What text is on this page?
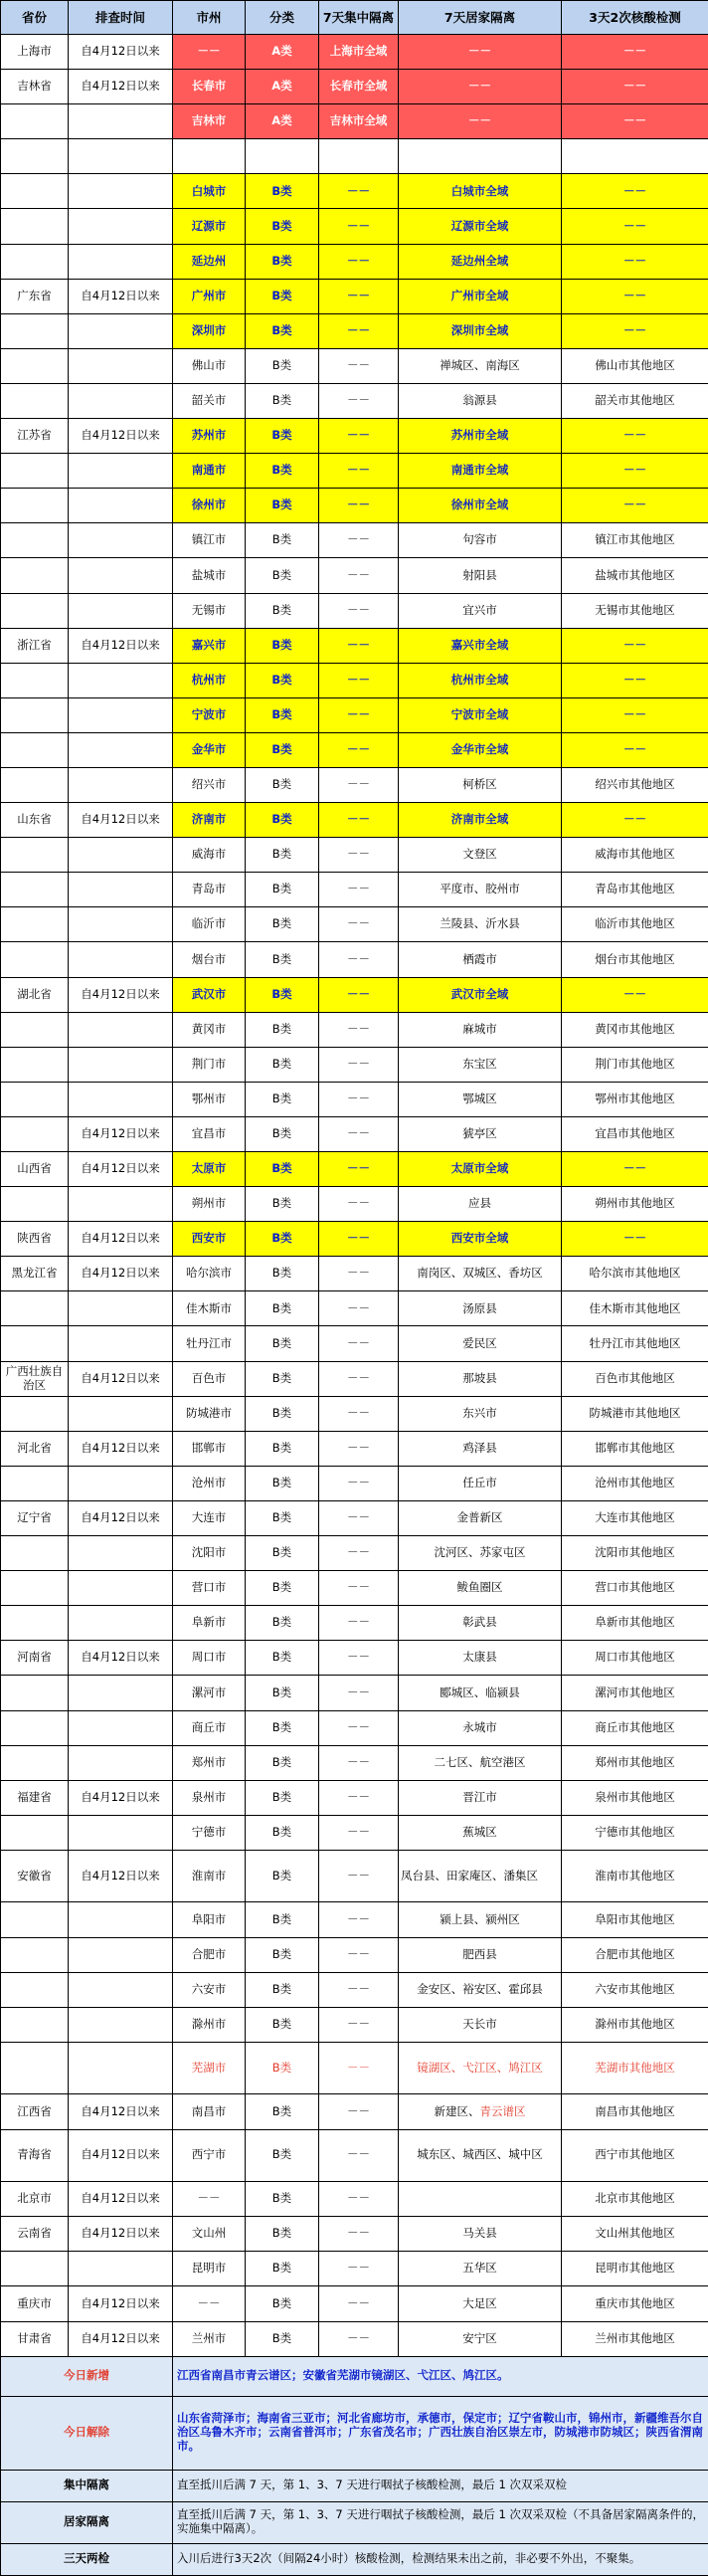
省份	排查时间	市州	分类	7天集中隔离	7天居家隔离	3天2次核酸检测
上海市	自4月12日以来	－－	A类	上海市全域	－－	－－
吉林省	自4月12日以来	长春市	A类	长春市全域	－－	－－
		吉林市	A类	吉林市全域	－－	－－

		白城市	B类	－－	白城市全域	－－
		辽源市	B类	－－	辽源市全域	－－
		延边州	B类	－－	延边州全域	－－
广东省	自4月12日以来	广州市	B类	－－	广州市全域	－－
		深圳市	B类	－－	深圳市全域	－－
		佛山市	B类	－－	禅城区、南海区	佛山市其他地区
		韶关市	B类	－－	翁源县	韶关市其他地区
江苏省	自4月12日以来	苏州市	B类	－－	苏州市全域	－－
		南通市	B类	－－	南通市全域	－－
		徐州市	B类	－－	徐州市全域	－－
		镇江市	B类	－－	句容市	镇江市其他地区
		盐城市	B类	－－	射阳县	盐城市其他地区
		无锡市	B类	－－	宜兴市	无锡市其他地区
浙江省	自4月12日以来	嘉兴市	B类	－－	嘉兴市全域	－－
		杭州市	B类	－－	杭州市全域	－－
		宁波市	B类	－－	宁波市全域	－－
		金华市	B类	－－	金华市全域	－－
		绍兴市	B类	－－	柯桥区	绍兴市其他地区
山东省	自4月12日以来	济南市	B类	－－	济南市全域	－－
		威海市	B类	－－	文登区	威海市其他地区
		青岛市	B类	－－	平度市、胶州市	青岛市其他地区
		临沂市	B类	－－	兰陵县、沂水县	临沂市其他地区
		烟台市	B类	－－	栖霞市	烟台市其他地区
湖北省	自4月12日以来	武汉市	B类	－－	武汉市全域	－－
		黄冈市	B类	－－	麻城市	黄冈市其他地区
		荆门市	B类	－－	东宝区	荆门市其他地区
		鄂州市	B类	－－	鄂城区	鄂州市其他地区
	自4月12日以来	宜昌市	B类	－－	猇亭区	宜昌市其他地区
山西省	自4月12日以来	太原市	B类	－－	太原市全域	－－
		朔州市	B类	－－	应县	朔州市其他地区
陕西省	自4月12日以来	西安市	B类	－－	西安市全域	－－
黑龙江省	自4月12日以来	哈尔滨市	B类	－－	南岗区、双城区、香坊区	哈尔滨市其他地区
		佳木斯市	B类	－－	汤原县	佳木斯市其他地区
		牡丹江市	B类	－－	爱民区	牡丹江市其他地区
广西壮族自治区	自4月12日以来	百色市	B类	－－	那坡县	百色市其他地区
		防城港市	B类	－－	东兴市	防城港市其他地区
河北省	自4月12日以来	邯郸市	B类	－－	鸡泽县	邯郸市其他地区
		沧州市	B类	－－	任丘市	沧州市其他地区
辽宁省	自4月12日以来	大连市	B类	－－	金普新区	大连市其他地区
		沈阳市	B类	－－	沈河区、苏家屯区	沈阳市其他地区
		营口市	B类	－－	鲅鱼圈区	营口市其他地区
		阜新市	B类	－－	彰武县	阜新市其他地区
河南省	自4月12日以来	周口市	B类	－－	太康县	周口市其他地区
		漯河市	B类	－－	郾城区、临颍县	漯河市其他地区
		商丘市	B类	－－	永城市	商丘市其他地区
		郑州市	B类	－－	二七区、航空港区	郑州市其他地区
福建省	自4月12日以来	泉州市	B类	－－	晋江市	泉州市其他地区
		宁德市	B类	－－	蕉城区	宁德市其他地区
安徽省	自4月12日以来	淮南市	B类	－－	凤台县、田家庵区、潘集区	淮南市其他地区
		阜阳市	B类	－－	颍上县、颍州区	阜阳市其他地区
		合肥市	B类	－－	肥西县	合肥市其他地区
		六安市	B类	－－	金安区、裕安区、霍邱县	六安市其他地区
		滁州市	B类	－－	天长市	滁州市其他地区
		芜湖市	B类	－－	镜湖区、弋江区、鸠江区	芜湖市其他地区
江西省	自4月12日以来	南昌市	B类	－－	新建区、青云谱区	南昌市其他地区
青海省	自4月12日以来	西宁市	B类	－－	城东区、城西区、城中区	西宁市其他地区
北京市	自4月12日以来	－－	B类	－－		北京市其他地区
云南省	自4月12日以来	文山州	B类	－－	马关县	文山州其他地区
		昆明市	B类	－－	五华区	昆明市其他地区
重庆市	自4月12日以来	－－	B类	－－	大足区	重庆市其他地区
甘肃省	自4月12日以来	兰州市	B类	－－	安宁区	兰州市其他地区
今日新增		江西省南昌市青云谱区；安徽省芜湖市镜湖区、弋江区、鸠江区。				
今日解除		山东省菏泽市；海南省三亚市；河北省廊坊市，承德市，保定市；辽宁省鞍山市，锦州市，新疆维吾尔自治区乌鲁木齐市；云南省普洱市；广东省茂名市；广西壮族自治区崇左市，防城港市防城区；陕西省渭南市。				
集中隔离		直至抵川后满 7 天，第 1、3、7 天进行咽拭子核酸检测，最后 1 次双采双检				
居家隔离		直至抵川后满 7 天，第 1、3、7 天进行咽拭子核酸检测，最后 1 次双采双检（不具备居家隔离条件的，实施集中隔离）。				
三天两检		入川后进行3天2次（间隔24小时）核酸检测，检测结果未出之前，非必要不外出，不聚集。				
